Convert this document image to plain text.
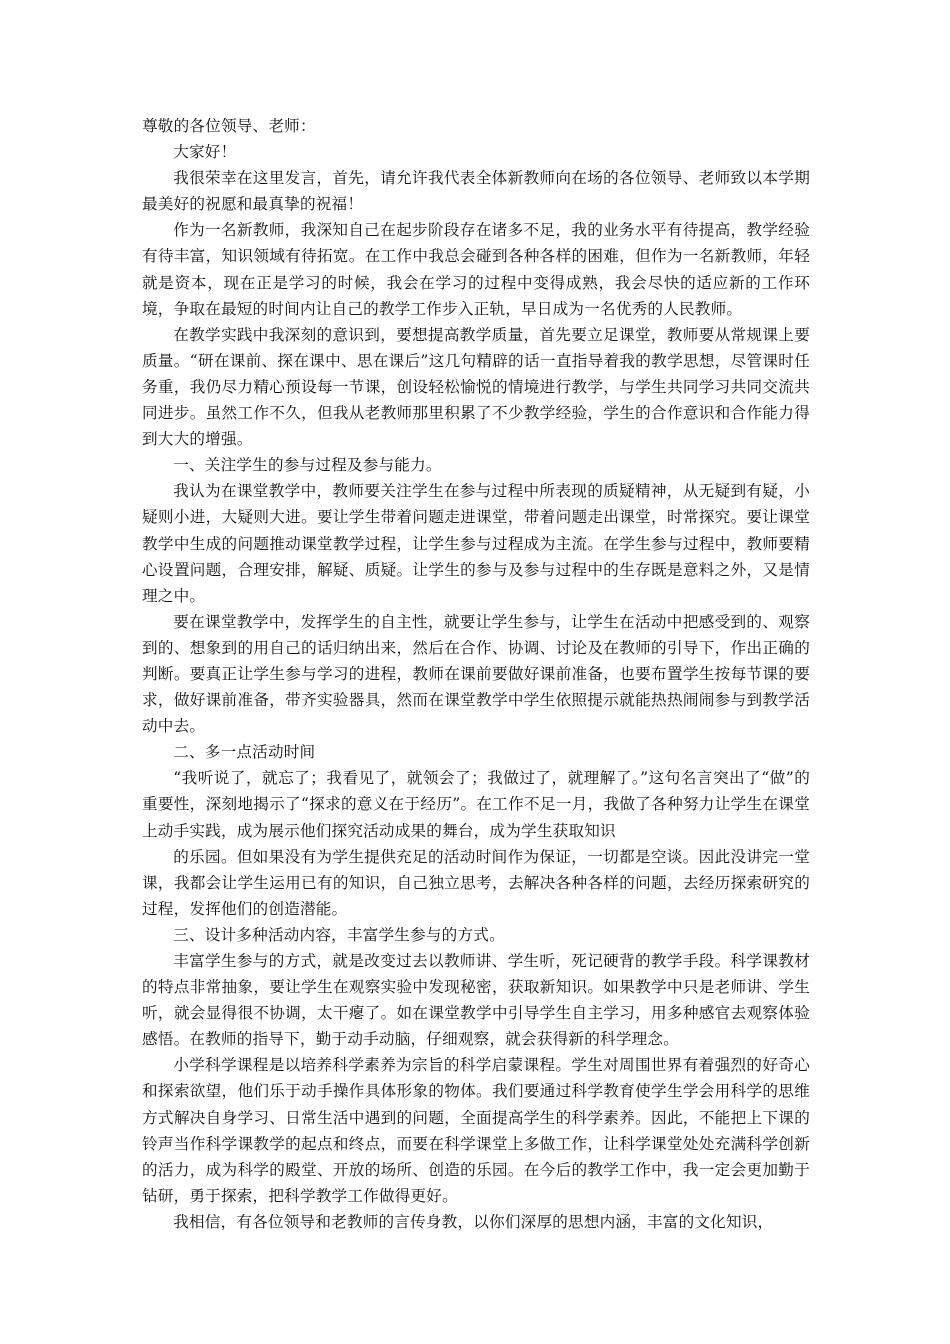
尊敬的各位领导、老师：

大家好！

我很荣幸在这里发言，首先，请允许我代表全体新教师向在场的各位领导、老师致以本学期最美好的祝愿和最真挚的祝福！

作为一名新教师，我深知自己在起步阶段存在诸多不足，我的业务水平有待提高，教学经验有待丰富，知识领域有待拓宽。在工作中我总会碰到各种各样的困难，但作为一名新教师，年轻就是资本，现在正是学习的时候，我会在学习的过程中变得成熟，我会尽快的适应新的工作环境，争取在最短的时间内让自己的教学工作步入正轨，早日成为一名优秀的人民教师。

在教学实践中我深刻的意识到，要想提高教学质量，首先要立足课堂，教师要从常规课上要质量。“研在课前、探在课中、思在课后”这几句精辟的话一直指导着我的教学思想，尽管课时任务重，我仍尽力精心预设每一节课，创设轻松愉悦的情境进行教学，与学生共同学习共同交流共同进步。虽然工作不久，但我从老教师那里积累了不少教学经验，学生的合作意识和合作能力得到大大的增强。

一、关注学生的参与过程及参与能力。

我认为在课堂教学中，教师要关注学生在参与过程中所表现的质疑精神，从无疑到有疑，小疑则小进，大疑则大进。要让学生带着问题走进课堂，带着问题走出课堂，时常探究。要让课堂教学中生成的问题推动课堂教学过程，让学生参与过程成为主流。在学生参与过程中，教师要精心设置问题，合理安排，解疑、质疑。让学生的参与及参与过程中的生存既是意料之外，又是情理之中。

要在课堂教学中，发挥学生的自主性，就要让学生参与，让学生在活动中把感受到的、观察到的、想象到的用自己的话归纳出来，然后在合作、协调、讨论及在教师的引导下，作出正确的判断。要真正让学生参与学习的进程，教师在课前要做好课前准备，也要布置学生按每节课的要求，做好课前准备，带齐实验器具，然而在课堂教学中学生依照提示就能热热闹闹参与到教学活动中去。

二、多一点活动时间

“我听说了，就忘了；我看见了，就领会了；我做过了，就理解了。”这句名言突出了“做”的重要性，深刻地揭示了“探求的意义在于经历”。在工作不足一月，我做了各种努力让学生在课堂上动手实践，成为展示他们探究活动成果的舞台，成为学生获取知识

的乐园。但如果没有为学生提供充足的活动时间作为保证，一切都是空谈。因此没讲完一堂课，我都会让学生运用已有的知识，自己独立思考，去解决各种各样的问题，去经历探索研究的过程，发挥他们的创造潜能。

三、设计多种活动内容，丰富学生参与的方式。

丰富学生参与的方式，就是改变过去以教师讲、学生听，死记硬背的教学手段。科学课教材的特点非常抽象，要让学生在观察实验中发现秘密，获取新知识。如果教学中只是老师讲、学生听，就会显得很不协调，太干瘪了。如在课堂教学中引导学生自主学习，用多种感官去观察体验感悟。在教师的指导下，勤于动手动脑，仔细观察，就会获得新的科学理念。

小学科学课程是以培养科学素养为宗旨的科学启蒙课程。学生对周围世界有着强烈的好奇心和探索欲望，他们乐于动手操作具体形象的物体。我们要通过科学教育使学生学会用科学的思维方式解决自身学习、日常生活中遇到的问题，全面提高学生的科学素养。因此，不能把上下课的铃声当作科学课教学的起点和终点，而要在科学课堂上多做工作，让科学课堂处处充满科学创新的活力，成为科学的殿堂、开放的场所、创造的乐园。在今后的教学工作中，我一定会更加勤于钻研，勇于探索，把科学教学工作做得更好。

我相信，有各位领导和老教师的言传身教，以你们深厚的思想内涵，丰富的文化知识，
